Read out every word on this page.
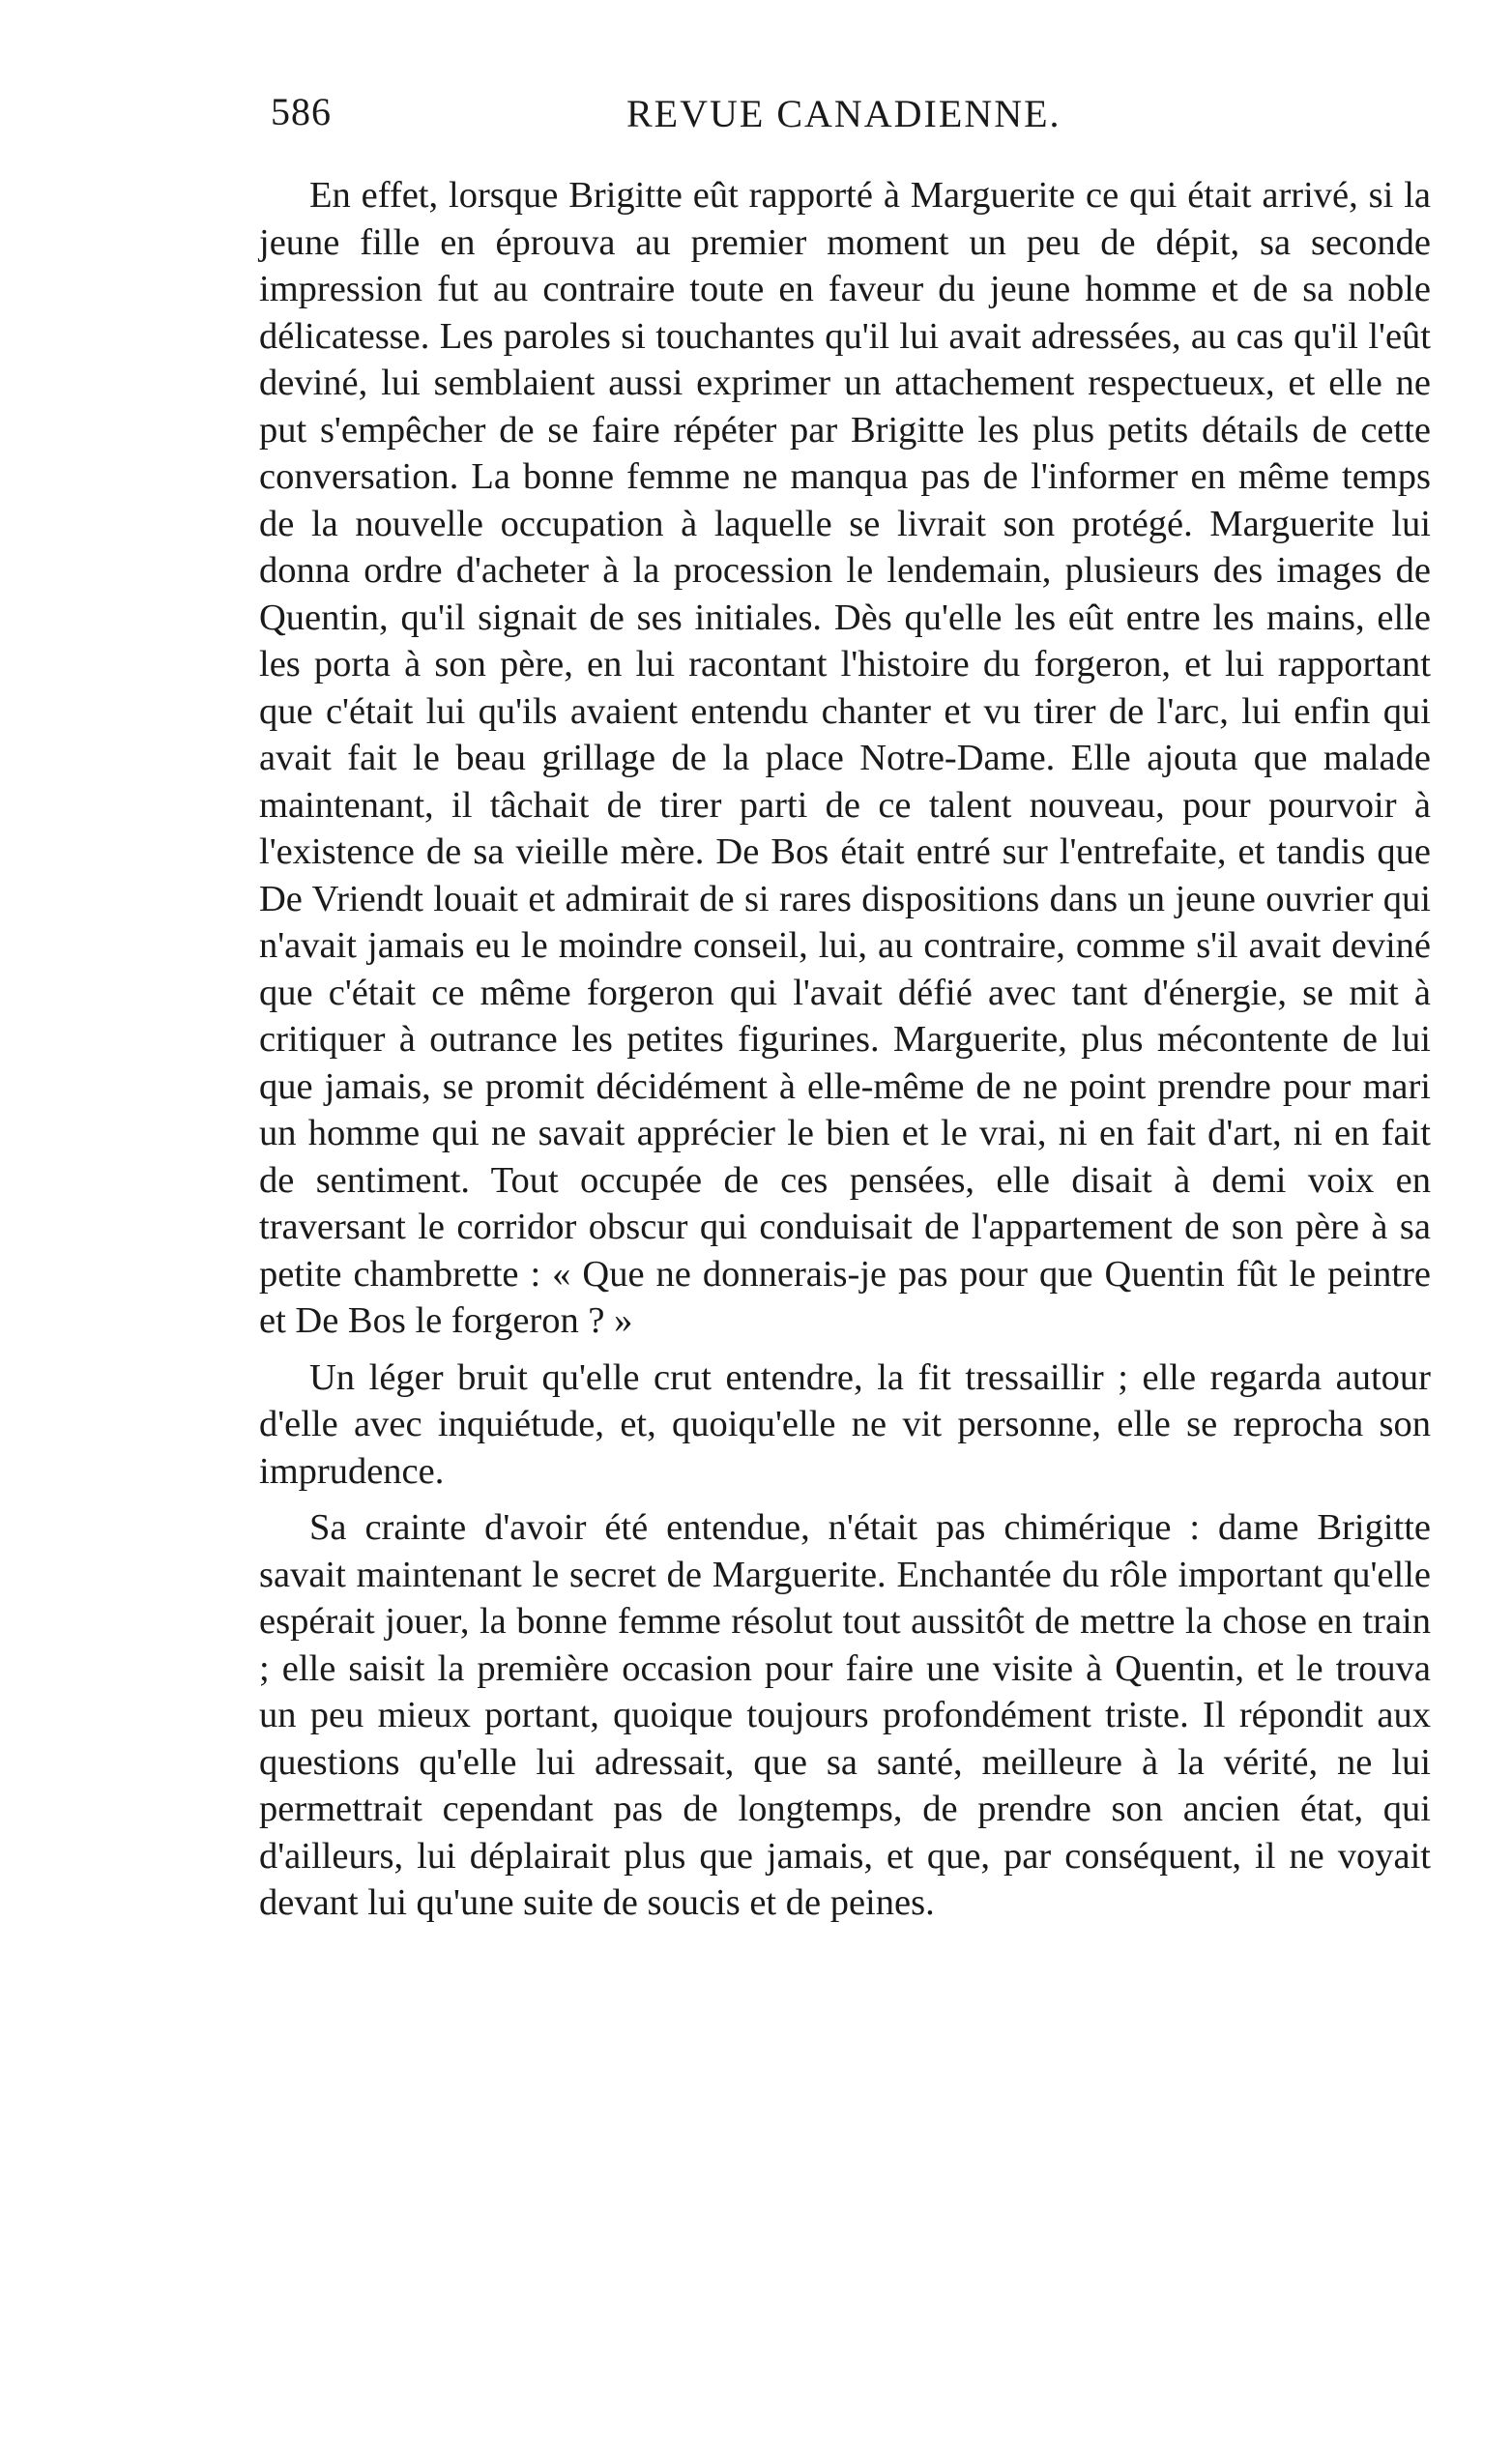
586	REVUE CANADIENNE.

En effet, lorsque Brigitte eût rapporté à Marguerite ce qui était arrivé, si la jeune fille en éprouva au premier moment un peu de dépit, sa seconde impression fut au contraire toute en faveur du jeune homme et de sa noble délicatesse. Les paroles si touchantes qu'il lui avait adressées, au cas qu'il l'eût deviné, lui semblaient aussi exprimer un attachement respectueux, et elle ne put s'empêcher de se faire répéter par Brigitte les plus petits détails de cette conversation. La bonne femme ne manqua pas de l'informer en même temps de la nouvelle occupation à laquelle se livrait son protégé. Marguerite lui donna ordre d'acheter à la procession le lendemain, plusieurs des images de Quentin, qu'il signait de ses initiales. Dès qu'elle les eût entre les mains, elle les porta à son père, en lui racontant l'histoire du forgeron, et lui rapportant que c'était lui qu'ils avaient entendu chanter et vu tirer de l'arc, lui enfin qui avait fait le beau grillage de la place Notre-Dame. Elle ajouta que malade maintenant, il tâchait de tirer parti de ce talent nouveau, pour pourvoir à l'existence de sa vieille mère. De Bos était entré sur l'entrefaite, et tandis que De Vriendt louait et admirait de si rares dispositions dans un jeune ouvrier qui n'avait jamais eu le moindre conseil, lui, au contraire, comme s'il avait deviné que c'était ce même forgeron qui l'avait défié avec tant d'énergie, se mit à critiquer à outrance les petites figurines. Marguerite, plus mécontente de lui que jamais, se promit décidément à elle-même de ne point prendre pour mari un homme qui ne savait apprécier le bien et le vrai, ni en fait d'art, ni en fait de sentiment. Tout occupée de ces pensées, elle disait à demi voix en traversant le corridor obscur qui conduisait de l'appartement de son père à sa petite chambrette : « Que ne donnerais-je pas pour que Quentin fût le peintre et De Bos le forgeron ? »

Un léger bruit qu'elle crut entendre, la fit tressaillir ; elle regarda autour d'elle avec inquiétude, et, quoiqu'elle ne vit personne, elle se reprocha son imprudence.

Sa crainte d'avoir été entendue, n'était pas chimérique : dame Brigitte savait maintenant le secret de Marguerite. Enchantée du rôle important qu'elle espérait jouer, la bonne femme résolut tout aussitôt de mettre la chose en train ; elle saisit la première occasion pour faire une visite à Quentin, et le trouva un peu mieux portant, quoique toujours profondément triste. Il répondit aux questions qu'elle lui adressait, que sa santé, meilleure à la vérité, ne lui permettrait cependant pas de longtemps, de prendre son ancien état, qui d'ailleurs, lui déplairait plus que jamais, et que, par conséquent, il ne voyait devant lui qu'une suite de soucis et de peines.
